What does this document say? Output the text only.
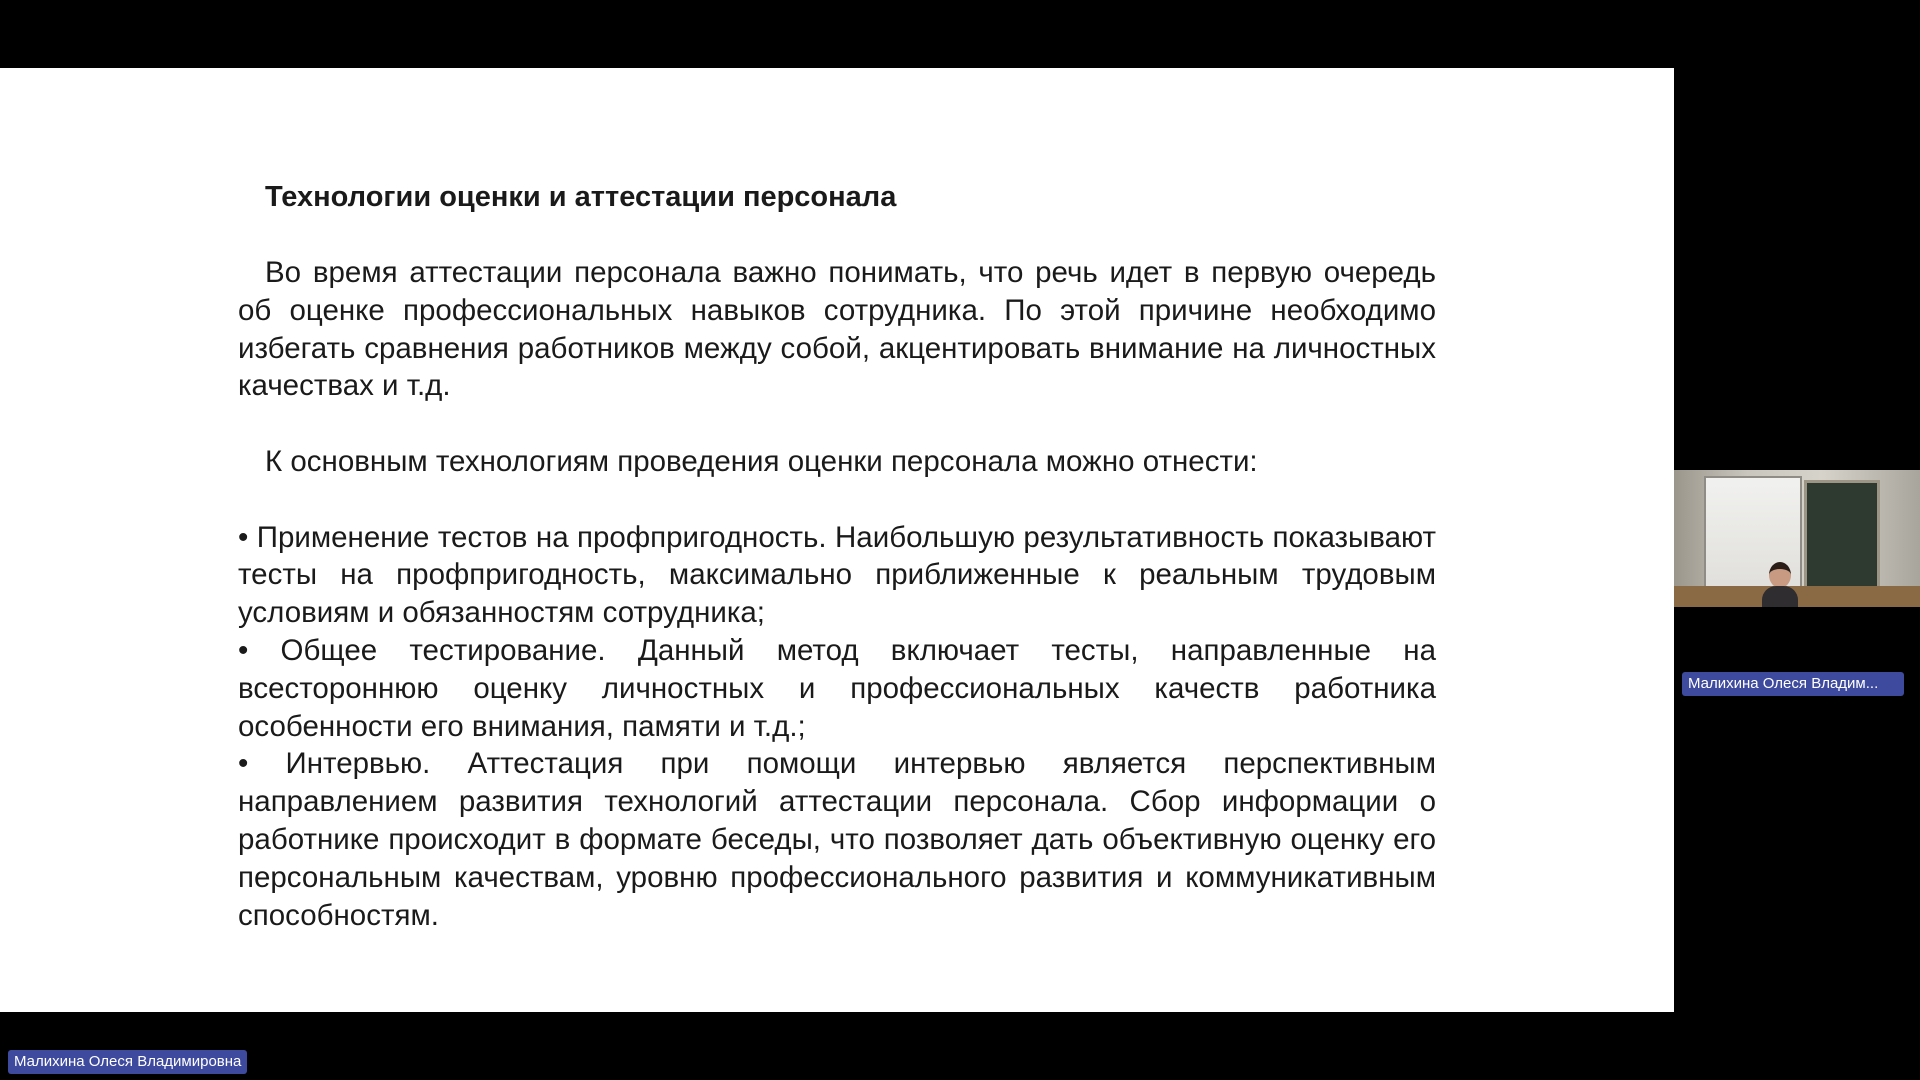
Технологии оценки и аттестации персонала

Во время аттестации персонала важно понимать, что речь идет в первую очередь об оценке профессиональных навыков сотрудника. По этой причине необходимо избегать сравнения работников между собой, акцентировать внимание на личностных качествах и т.д.

К основным технологиям проведения оценки персонала можно отнести:

• Применение тестов на профпригодность. Наибольшую результативность показывают тесты на профпригодность, максимально приближенные к реальным трудовым условиям и обязанностям сотрудника;

• Общее тестирование. Данный метод включает тесты, направленные на всестороннюю оценку личностных и профессиональных качеств работника особенности его внимания, памяти и т.д.;

• Интервью. Аттестация при помощи интервью является перспективным направлением развития технологий аттестации персонала. Сбор информации о работнике происходит в формате беседы, что позволяет дать объективную оценку его персональным качествам, уровню профессионального развития и коммуникативным способностям.

Малихина Олеся Владим...
Малихина Олеся Владимировна
